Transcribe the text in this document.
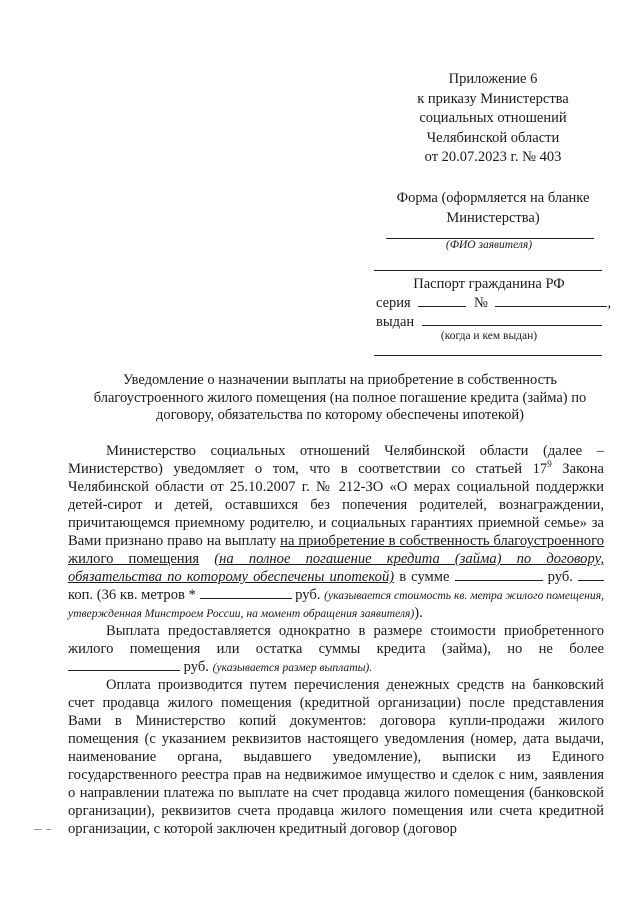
Приложение 6
к приказу Министерства
социальных отношений
Челябинской области
от 20.07.2023 г. № 403
Форма (оформляется на бланке
Министерства)
(ФИО заявителя)
Паспорт гражданина РФ
серия	№	,
выдан
(когда и кем выдан)
Уведомление о назначении выплаты на приобретение в собственность
благоустроенного жилого помещения (на полное погашение кредита (займа) по
договору, обязательства по которому обеспечены ипотекой)

Министерство социальных отношений Челябинской области (далее – Министерство) уведомляет о том, что в соответствии со статьей $17^9$ Закона Челябинской области от 25.10.2007 г. № 212-ЗО «О мерах социальной поддержки детей-сирот и детей, оставшихся без попечения родителей, вознаграждении, причитающемся приемному родителю, и социальных гарантиях приемной семье» за Вами признано право на выплату на приобретение в собственность благоустроенного жилого помещения (на полное погашение кредита (займа) по договору, обязательства по которому обеспечены ипотекой) в сумме	руб.  коп. (36 кв. метров *	руб. (указывается стоимость кв. метра жилого помещения, утвержденная Минстроем России, на момент обращения заявителя)).

Выплата предоставляется однократно в размере стоимости приобретенного жилого помещения или остатка суммы кредита (займа), но не более  руб. (указывается размер выплаты).

Оплата производится путем перечисления денежных средств на банковский счет продавца жилого помещения (кредитной организации) после представления Вами в Министерство копий документов: договора купли-продажи жилого помещения (с указанием реквизитов настоящего уведомления (номер, дата выдачи, наименование органа, выдавшего уведомление), выписки из Единого государственного реестра прав на недвижимое имущество и сделок с ним, заявления о направлении платежа по выплате на счет продавца жилого помещения (банковской организации), реквизитов счета продавца жилого помещения или счета кредитной организации, с которой заключен кредитный договор (договор
